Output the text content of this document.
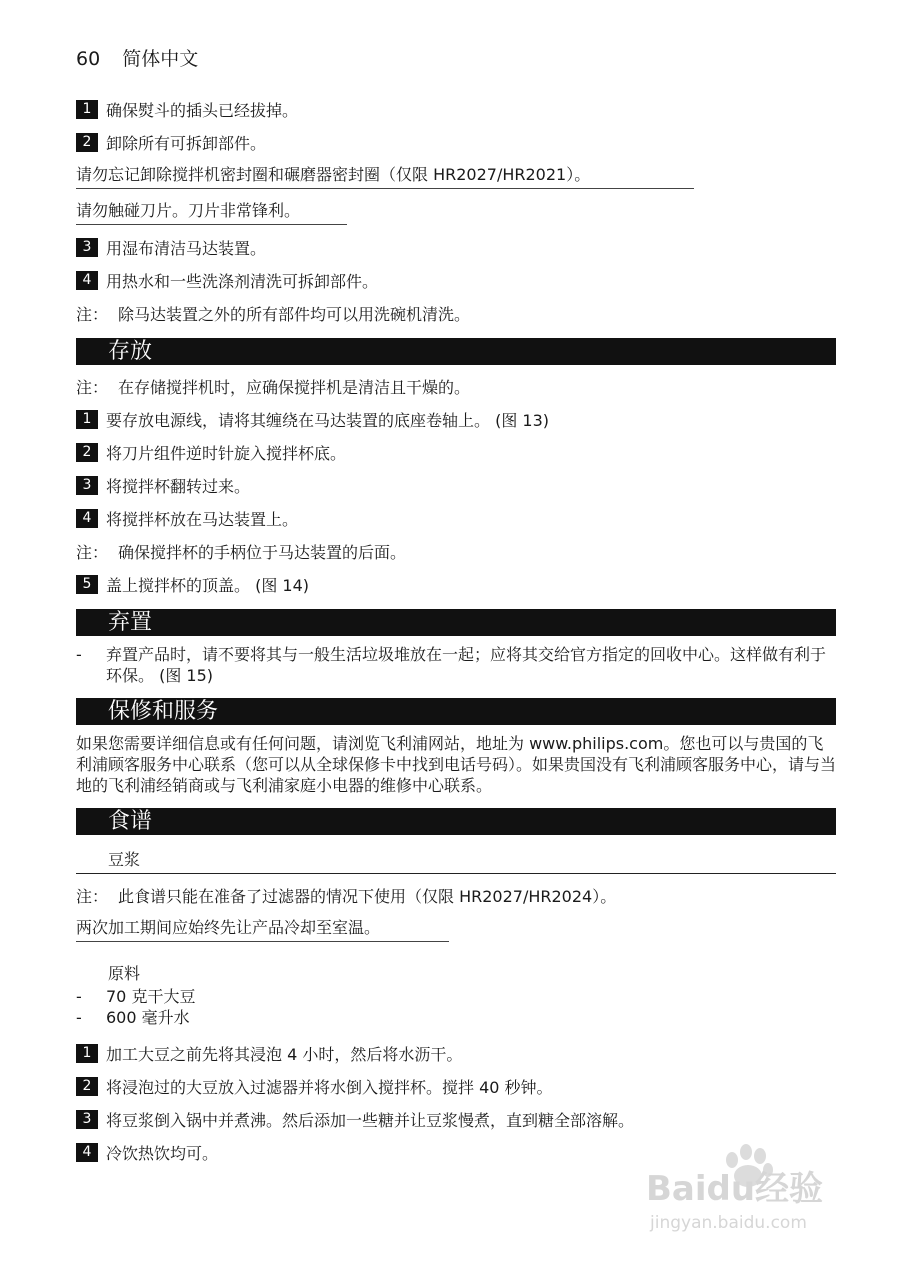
60 简体中文
1 确保熨斗的插头已经拔掉。
2 卸除所有可拆卸部件。
请勿忘记卸除搅拌机密封圈和碾磨器密封圈（仅限 HR2027/HR2021）。
请勿触碰刀片。刀片非常锋利。
3 用湿布清洁马达装置。
4 用热水和一些洗涤剂清洗可拆卸部件。
注： 除马达装置之外的所有部件均可以用洗碗机清洗。
存放
注： 在存储搅拌机时，应确保搅拌机是清洁且干燥的。
1 要存放电源线，请将其缠绕在马达装置的底座卷轴上。 (图 13)
2 将刀片组件逆时针旋入搅拌杯底。
3 将搅拌杯翻转过来。
4 将搅拌杯放在马达装置上。
注： 确保搅拌杯的手柄位于马达装置的后面。
5 盖上搅拌杯的顶盖。 (图 14)
弃置
-	弃置产品时，请不要将其与一般生活垃圾堆放在一起；应将其交给官方指定的回收中心。这样做有利于环保。 (图 15)
保修和服务
如果您需要详细信息或有任何问题，请浏览飞利浦网站，地址为 www.philips.com。您也可以与贵国的飞利浦顾客服务中心联系（您可以从全球保修卡中找到电话号码）。如果贵国没有飞利浦顾客服务中心，请与当地的飞利浦经销商或与飞利浦家庭小电器的维修中心联系。
食谱
豆浆
注： 此食谱只能在准备了过滤器的情况下使用（仅限 HR2027/HR2024）。
两次加工期间应始终先让产品冷却至室温。
原料
-	70 克干大豆
-	600 毫升水
1 加工大豆之前先将其浸泡 4 小时，然后将水沥干。
2 将浸泡过的大豆放入过滤器并将水倒入搅拌杯。搅拌 40 秒钟。
3 将豆浆倒入锅中并煮沸。然后添加一些糖并让豆浆慢煮，直到糖全部溶解。
4 冷饮热饮均可。
Baidu经验
jingyan.baidu.com
